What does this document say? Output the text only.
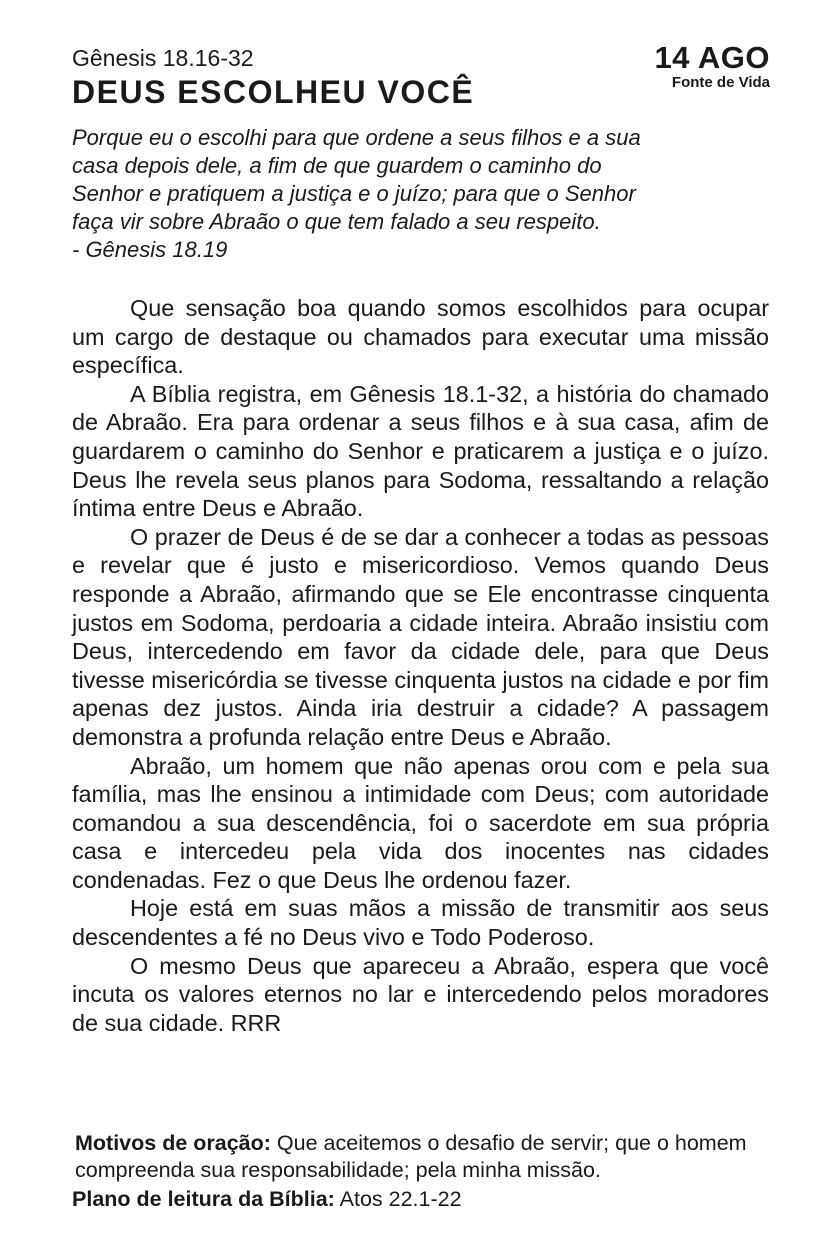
Gênesis 18.16-32
DEUS ESCOLHEU VOCÊ
14 AGO
Fonte de Vida
Porque eu o escolhi para que ordene a seus filhos e a sua
casa depois dele, a fim de que guardem o caminho do
Senhor e pratiquem a justiça e o juízo; para que o Senhor
faça vir sobre Abraão o que tem falado a seu respeito.
- Gênesis 18.19

Que sensação boa quando somos escolhidos para ocupar um cargo de destaque ou chamados para executar uma missão específica.

A Bíblia registra, em Gênesis 18.1-32, a história do chamado de Abraão. Era para ordenar a seus filhos e à sua casa, afim de guardarem o caminho do Senhor e praticarem a justiça e o juízo. Deus lhe revela seus planos para Sodoma, ressaltando a relação íntima entre Deus e Abraão.

O prazer de Deus é de se dar a conhecer a todas as pessoas e revelar que é justo e misericordioso. Vemos quando Deus responde a Abraão, afirmando que se Ele encontrasse cinquenta justos em Sodoma, perdoaria a cidade inteira. Abraão insistiu com Deus, intercedendo em favor da cidade dele, para que Deus tivesse misericórdia se tivesse cinquenta justos na cidade e por fim apenas dez justos. Ainda iria destruir a cidade? A passagem demonstra a profunda relação entre Deus e Abraão.

Abraão, um homem que não apenas orou com e pela sua família, mas lhe ensinou a intimidade com Deus; com autoridade comandou a sua descendência, foi o sacerdote em sua própria casa e intercedeu pela vida dos inocentes nas cidades condenadas. Fez o que Deus lhe ordenou fazer.

Hoje está em suas mãos a missão de transmitir aos seus descendentes a fé no Deus vivo e Todo Poderoso.

O mesmo Deus que apareceu a Abraão, espera que você incuta os valores eternos no lar e intercedendo pelos moradores de sua cidade. RRR

Motivos de oração: Que aceitemos o desafio de servir; que o homem compreenda sua responsabilidade; pela minha missão.

Plano de leitura da Bíblia: Atos 22.1-22
